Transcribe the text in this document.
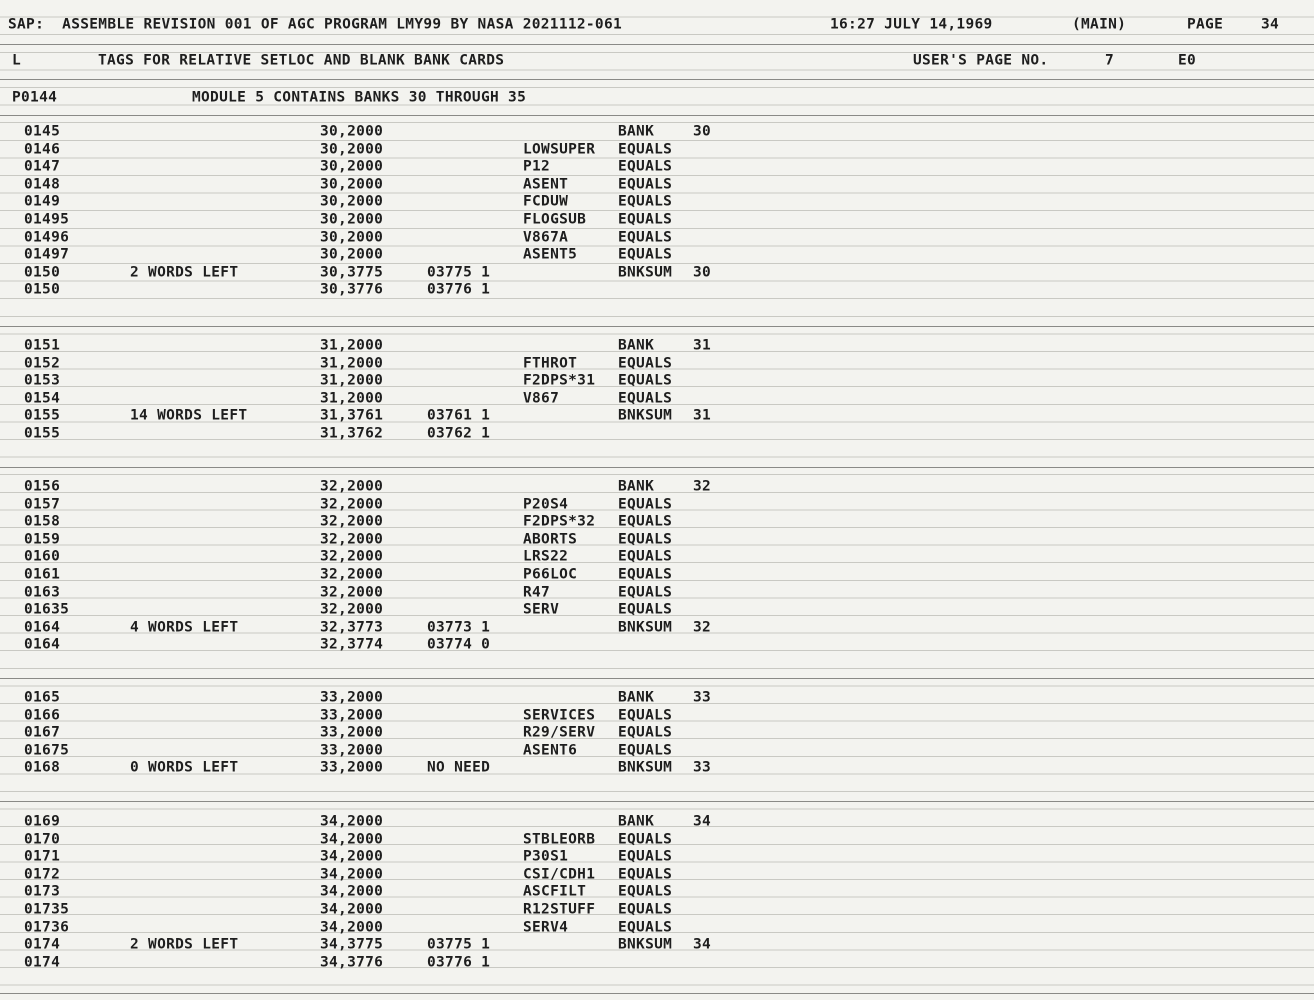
SAP:  ASSEMBLE REVISION 001 OF AGC PROGRAM LMY99 BY NASA 2021112-061	16:27 JULY 14,1969	(MAIN)	PAGE	34
L	TAGS FOR RELATIVE SETLOC AND BLANK BANK CARDS	USER'S PAGE NO.	7	E0
P0144	MODULE 5 CONTAINS BANKS 30 THROUGH 35
0145	30,2000	BANK	30
0146	30,2000	LOWSUPER EQUALS
0147	30,2000	P12	EQUALS
0148	30,2000	ASENT	EQUALS
0149	30,2000	FCDUW	EQUALS
01495	30,2000	FLOGSUB EQUALS
01496	30,2000	V867A	EQUALS
01497	30,2000	ASENT5	EQUALS
0150	2 WORDS LEFT	30,3775	03775 1	BNKSUM 30
0150	30,3776	03776 1
0151	31,2000	BANK	31
0152	31,2000	FTHROT	EQUALS
0153	31,2000	F2DPS*31 EQUALS
0154	31,2000	V867	EQUALS
0155	14 WORDS LEFT	31,3761	03761 1	BNKSUM 31
0155	31,3762	03762 1
0156	32,2000	BANK	32
0157	32,2000	P20S4	EQUALS
0158	32,2000	F2DPS*32 EQUALS
0159	32,2000	ABORTS	EQUALS
0160	32,2000	LRS22	EQUALS
0161	32,2000	P66LOC	EQUALS
0163	32,2000	R47	EQUALS
01635	32,2000	SERV	EQUALS
0164	4 WORDS LEFT	32,3773	03773 1	BNKSUM 32
0164	32,3774	03774 0
0165	33,2000	BANK	33
0166	33,2000	SERVICES EQUALS
0167	33,2000	R29/SERV EQUALS
01675	33,2000	ASENT6	EQUALS
0168	0 WORDS LEFT	33,2000	NO NEED	BNKSUM 33
0169	34,2000	BANK	34
0170	34,2000	STBLEORB EQUALS
0171	34,2000	P30S1	EQUALS
0172	34,2000	CSI/CDH1 EQUALS
0173	34,2000	ASCFILT EQUALS
01735	34,2000	R12STUFF EQUALS
01736	34,2000	SERV4	EQUALS
0174	2 WORDS LEFT	34,3775	03775 1	BNKSUM 34
0174	34,3776	03776 1
